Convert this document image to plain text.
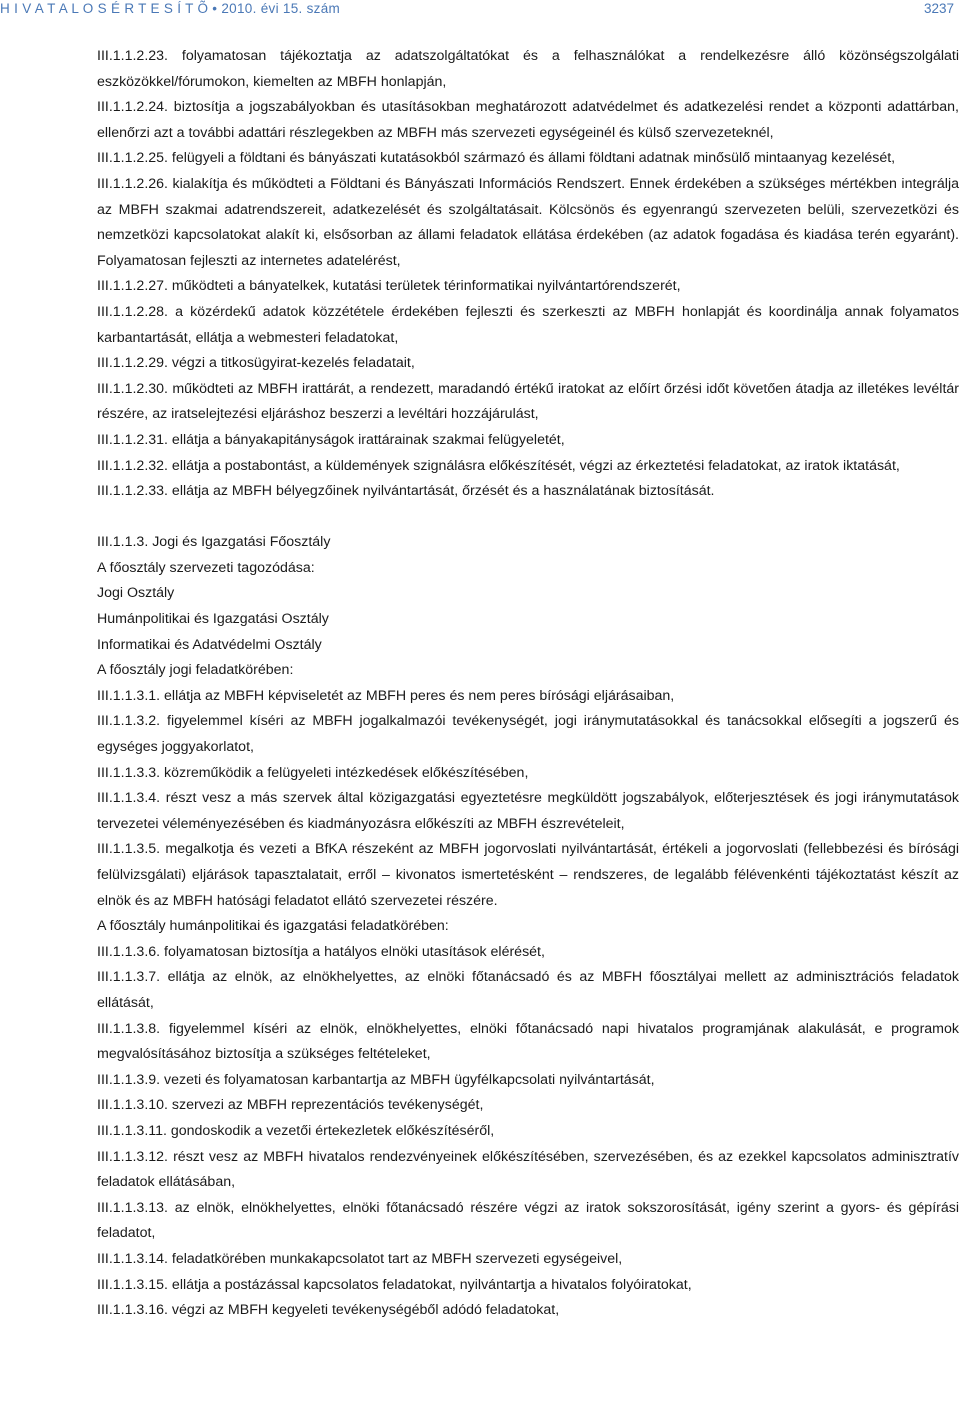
H I V A T A L O S É R T E S Í T Õ • 2010. évi 15. szám	3237

III.1.1.2.23. folyamatosan tájékoztatja az adatszolgáltatókat és a felhasználókat a rendelkezésre álló közönségszolgálati eszközökkel/fórumokon, kiemelten az MBFH honlapján,

III.1.1.2.24. biztosítja a jogszabályokban és utasításokban meghatározott adatvédelmet és adatkezelési rendet a központi adattárban, ellenőrzi azt a további adattári részlegekben az MBFH más szervezeti egységeinél és külső szervezeteknél,

III.1.1.2.25. felügyeli a földtani és bányászati kutatásokból származó és állami földtani adatnak minősülő mintaanyag kezelését,

III.1.1.2.26. kialakítja és működteti a Földtani és Bányászati Információs Rendszert. Ennek érdekében a szükséges mértékben integrálja az MBFH szakmai adatrendszereit, adatkezelését és szolgáltatásait. Kölcsönös és egyenrangú szervezeten belüli, szervezetközi és nemzetközi kapcsolatokat alakít ki, elsősorban az állami feladatok ellátása érdekében (az adatok fogadása és kiadása terén egyaránt). Folyamatosan fejleszti az internetes adatelérést,

III.1.1.2.27. működteti a bányatelkek, kutatási területek térinformatikai nyilvántartórendszerét,

III.1.1.2.28. a közérdekű adatok közzététele érdekében fejleszti és szerkeszti az MBFH honlapját és koordinálja annak folyamatos karbantartását, ellátja a webmesteri feladatokat,

III.1.1.2.29. végzi a titkosügyirat-kezelés feladatait,

III.1.1.2.30. működteti az MBFH irattárát, a rendezett, maradandó értékű iratokat az előírt őrzési időt követően átadja az illetékes levéltár részére, az iratselejtezési eljáráshoz beszerzi a levéltári hozzájárulást,

III.1.1.2.31. ellátja a bányakapitányságok irattárainak szakmai felügyeletét,

III.1.1.2.32. ellátja a postabontást, a küldemények szignálásra előkészítését, végzi az érkeztetési feladatokat, az iratok iktatását,

III.1.1.2.33. ellátja az MBFH bélyegzőinek nyilvántartását, őrzését és a használatának biztosítását.

III.1.1.3. Jogi és Igazgatási Főosztály

A főosztály szervezeti tagozódása:

Jogi Osztály

Humánpolitikai és Igazgatási Osztály

Informatikai és Adatvédelmi Osztály

A főosztály jogi feladatkörében:

III.1.1.3.1. ellátja az MBFH képviseletét az MBFH peres és nem peres bírósági eljárásaiban,

III.1.1.3.2. figyelemmel kíséri az MBFH jogalkalmazói tevékenységét, jogi iránymutatásokkal és tanácsokkal elősegíti a jogszerű és egységes joggyakorlatot,

III.1.1.3.3. közreműködik a felügyeleti intézkedések előkészítésében,

III.1.1.3.4. részt vesz a más szervek által közigazgatási egyeztetésre megküldött jogszabályok, előterjesztések és jogi iránymutatások tervezetei véleményezésében és kiadmányozásra előkészíti az MBFH észrevételeit,

III.1.1.3.5. megalkotja és vezeti a BfKA részeként az MBFH jogorvoslati nyilvántartását, értékeli a jogorvoslati (fellebbezési és bírósági felülvizsgálati) eljárások tapasztalatait, erről – kivonatos ismertetésként – rendszeres, de legalább félévenkénti tájékoztatást készít az elnök és az MBFH hatósági feladatot ellátó szervezetei részére.

A főosztály humánpolitikai és igazgatási feladatkörében:

III.1.1.3.6. folyamatosan biztosítja a hatályos elnöki utasítások elérését,

III.1.1.3.7. ellátja az elnök, az elnökhelyettes, az elnöki főtanácsadó és az MBFH főosztályai mellett az adminisztrációs feladatok ellátását,

III.1.1.3.8. figyelemmel kíséri az elnök, elnökhelyettes, elnöki főtanácsadó napi hivatalos programjának alakulását, e programok megvalósításához biztosítja a szükséges feltételeket,

III.1.1.3.9. vezeti és folyamatosan karbantartja az MBFH ügyfélkapcsolati nyilvántartását,

III.1.1.3.10. szervezi az MBFH reprezentációs tevékenységét,

III.1.1.3.11. gondoskodik a vezetői értekezletek előkészítéséről,

III.1.1.3.12. részt vesz az MBFH hivatalos rendezvényeinek előkészítésében, szervezésében, és az ezekkel kapcsolatos adminisztratív feladatok ellátásában,

III.1.1.3.13. az elnök, elnökhelyettes, elnöki főtanácsadó részére végzi az iratok sokszorosítását, igény szerint a gyors- és gépírási feladatot,

III.1.1.3.14. feladatkörében munkakapcsolatot tart az MBFH szervezeti egységeivel,

III.1.1.3.15. ellátja a postázással kapcsolatos feladatokat, nyilvántartja a hivatalos folyóiratokat,

III.1.1.3.16. végzi az MBFH kegyeleti tevékenységéből adódó feladatokat,
